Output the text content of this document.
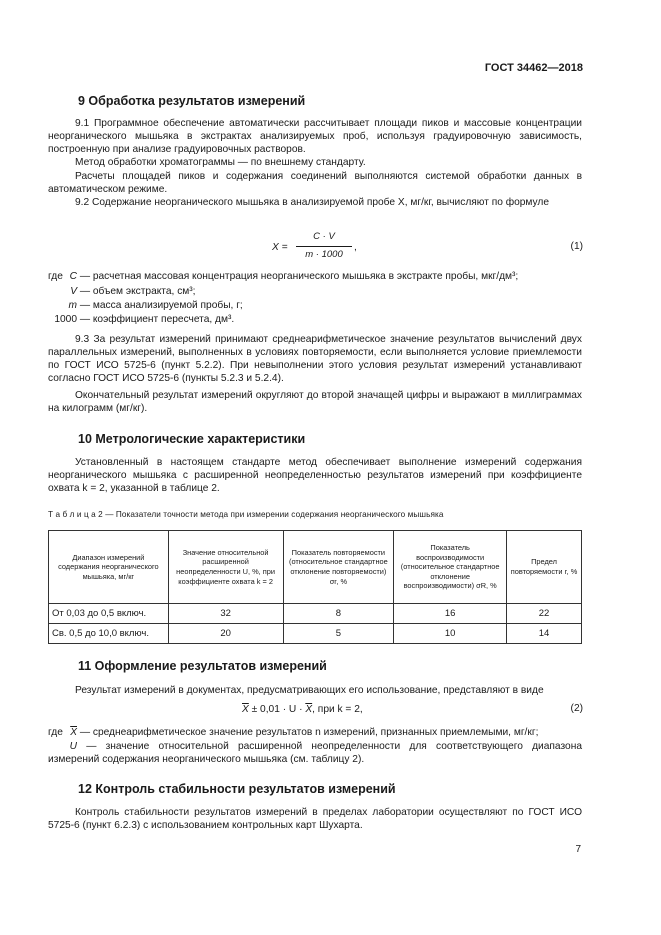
ГОСТ 34462—2018
9 Обработка результатов измерений

9.1 Программное обеспечение автоматически рассчитывает площади пиков и массовые концентрации неорганического мышьяка в экстрактах анализируемых проб, используя градуировочную зависимость, построенную при анализе градуировочных растворов.

Метод обработки хроматограммы — по внешнему стандарту.

Расчеты площадей пиков и содержания соединений выполняются системой обработки данных в автоматическом режиме.

9.2 Содержание неорганического мышьяка в анализируемой пробе X, мг/кг, вычисляют по формуле

X =
C · V
m · 1000
,	(1)
где C — расчетная массовая концентрация неорганического мышьяка в экстракте пробы, мкг/дм³;
V — объем экстракта, см³;
m — масса анализируемой пробы, г;
1000 — коэффициент пересчета, дм³.

9.3 За результат измерений принимают среднеарифметическое значение результатов вычислений двух параллельных измерений, выполненных в условиях повторяемости, если выполняется условие приемлемости по ГОСТ ИСО 5725-6 (пункт 5.2.2). При невыполнении этого условия результат измерений устанавливают согласно ГОСТ ИСО 5725-6 (пункты 5.2.3 и 5.2.4).

Окончательный результат измерений округляют до второй значащей цифры и выражают в миллиграммах на килограмм (мг/кг).

10 Метрологические характеристики

Установленный в настоящем стандарте метод обеспечивает выполнение измерений содержания неорганического мышьяка с расширенной неопределенностью результатов измерений при коэффициенте охвата k = 2, указанной в таблице 2.

Т а б л и ц а 2 — Показатели точности метода при измерении содержания неорганического мышьяка
Диапазон измерений содержания неорганического мышьяка, мг/кг	Значение относительной расширенной неопределенности U, %, при коэффициенте охвата k = 2	Показатель повторяемости (относительное стандартное отклонение повторяемости) σr, %	Показатель воспроизводимости (относительное стандартное отклонение воспроизводимости) σR, %	Предел повторяемости r, %
От 0,03 до 0,5 включ.	32	8	16	22
Св. 0,5 до 10,0 включ.	20	5	10	14
11 Оформление результатов измерений

Результат измерений в документах, предусматривающих его использование, представляют в виде

$\overline{X} \pm 0,01 \cdot U \cdot \overline{X}$, при k = 2,	(2)
где $\overline{X}$ — среднеарифметическое значение результатов n измерений, признанных приемлемыми, мг/кг;
U — значение относительной расширенной неопределенности для соответствующего диапазона измерений содержания неорганического мышьяка (см. таблицу 2).
12 Контроль стабильности результатов измерений

Контроль стабильности результатов измерений в пределах лаборатории осуществляют по ГОСТ ИСО 5725-6 (пункт 6.2.3) с использованием контрольных карт Шухарта.

7
